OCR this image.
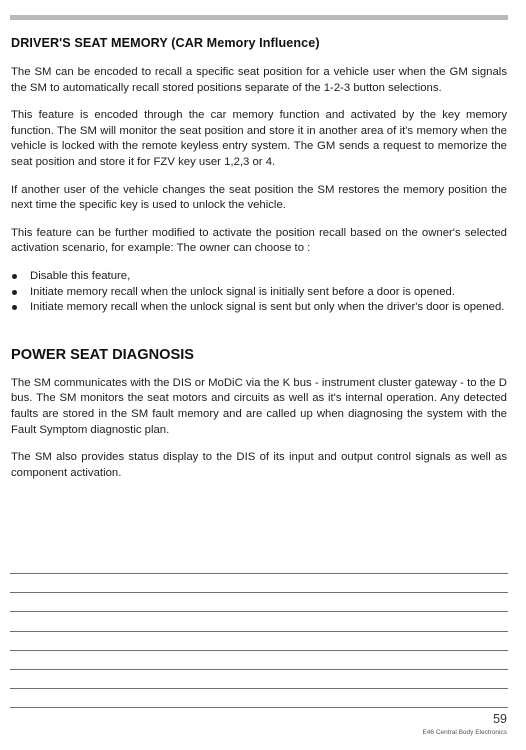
DRIVER'S SEAT MEMORY (CAR Memory Influence)

The SM can be encoded to recall a specific seat position for a vehicle user when the GM signals the SM to automatically recall stored positions separate of the 1-2-3 button selections.

This feature is encoded through the car memory function and activated by the key memory function. The SM will monitor the seat position and store it in another area of it's memory when the vehicle is locked with the remote keyless entry system. The GM sends a request to memorize the seat position and store it for FZV key user 1,2,3 or 4.

If another user of the vehicle changes the seat position the SM restores the memory position the next time the specific key is used to unlock the vehicle.

This feature can be further modified to activate the position recall based on the owner's selected activation scenario, for example: The owner can choose to :

Disable this feature,
Initiate memory recall when the unlock signal is initially sent before a door is opened.
Initiate memory recall when the unlock signal is sent but only when the driver's door is opened.
POWER SEAT DIAGNOSIS

The SM communicates with the DIS or MoDiC via the K bus - instrument cluster gateway - to the D bus. The SM monitors the seat motors and circuits as well as it's internal operation. Any detected faults are stored in the SM fault memory and are called up when diagnosing the system with the Fault Symptom diagnostic plan.

The SM also provides status display to the DIS of its input and output control signals as well as component activation.

59
E46 Central Body Electronics
